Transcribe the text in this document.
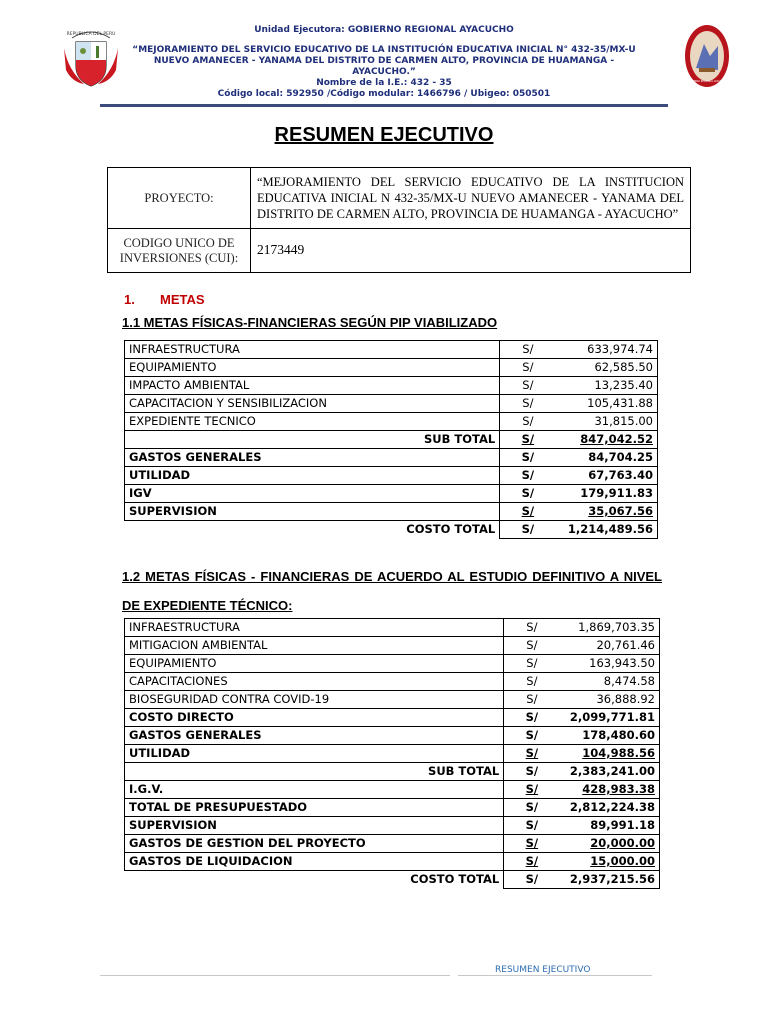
REPUBLICA DEL PERU	Unidad Ejecutora: GOBIERNO REGIONAL AYACUCHO
“MEJORAMIENTO DEL SERVICIO EDUCATIVO DE LA INSTITUCIÓN EDUCATIVA INICIAL N° 432-35/MX-U
NUEVO AMANECER - YANAMA DEL DISTRITO DE CARMEN ALTO, PROVINCIA DE HUAMANGA -
AYACUCHO.”
Nombre de la I.E.: 432 - 35
Código local: 592950 /Código modular: 1466796 / Ubigeo: 050501
GOBIERNO REGIONAL AYACUCHO
RESUMEN EJECUTIVO
PROYECTO:	“MEJORAMIENTO DEL SERVICIO EDUCATIVO DE LA INSTITUCION EDUCATIVA INICIAL N 432-35/MX-U NUEVO AMANECER - YANAMA DEL DISTRITO DE CARMEN ALTO, PROVINCIA DE HUAMANGA - AYACUCHO”
CODIGO UNICO DE INVERSIONES (CUI):	2173449
1. METAS
1.1 METAS FÍSICAS-FINANCIERAS SEGÚN PIP VIABILIZADO
INFRAESTRUCTURA	S/	633,974.74
EQUIPAMIENTO	S/	62,585.50
IMPACTO AMBIENTAL	S/	13,235.40
CAPACITACION Y SENSIBILIZACION	S/	105,431.88
EXPEDIENTE TECNICO	S/	31,815.00
SUB TOTAL	S/	847,042.52
GASTOS GENERALES	S/	84,704.25
UTILIDAD	S/	67,763.40
IGV	S/	179,911.83
SUPERVISION	S/	35,067.56
COSTO TOTAL	S/	1,214,489.56
1.2 METAS FÍSICAS - FINANCIERAS DE ACUERDO AL ESTUDIO DEFINITIVO A NIVEL DE EXPEDIENTE TÉCNICO:
INFRAESTRUCTURA	S/	1,869,703.35
MITIGACION AMBIENTAL	S/	20,761.46
EQUIPAMIENTO	S/	163,943.50
CAPACITACIONES	S/	8,474.58
BIOSEGURIDAD CONTRA COVID-19	S/	36,888.92
COSTO DIRECTO	S/	2,099,771.81
GASTOS GENERALES	S/	178,480.60
UTILIDAD	S/	104,988.56
SUB TOTAL	S/	2,383,241.00
I.G.V.	S/	428,983.38
TOTAL DE PRESUPUESTADO	S/	2,812,224.38
SUPERVISION	S/	89,991.18
GASTOS DE GESTION DEL PROYECTO	S/	20,000.00
GASTOS DE LIQUIDACION	S/	15,000.00
COSTO TOTAL	S/	2,937,215.56
RESUMEN EJECUTIVO
